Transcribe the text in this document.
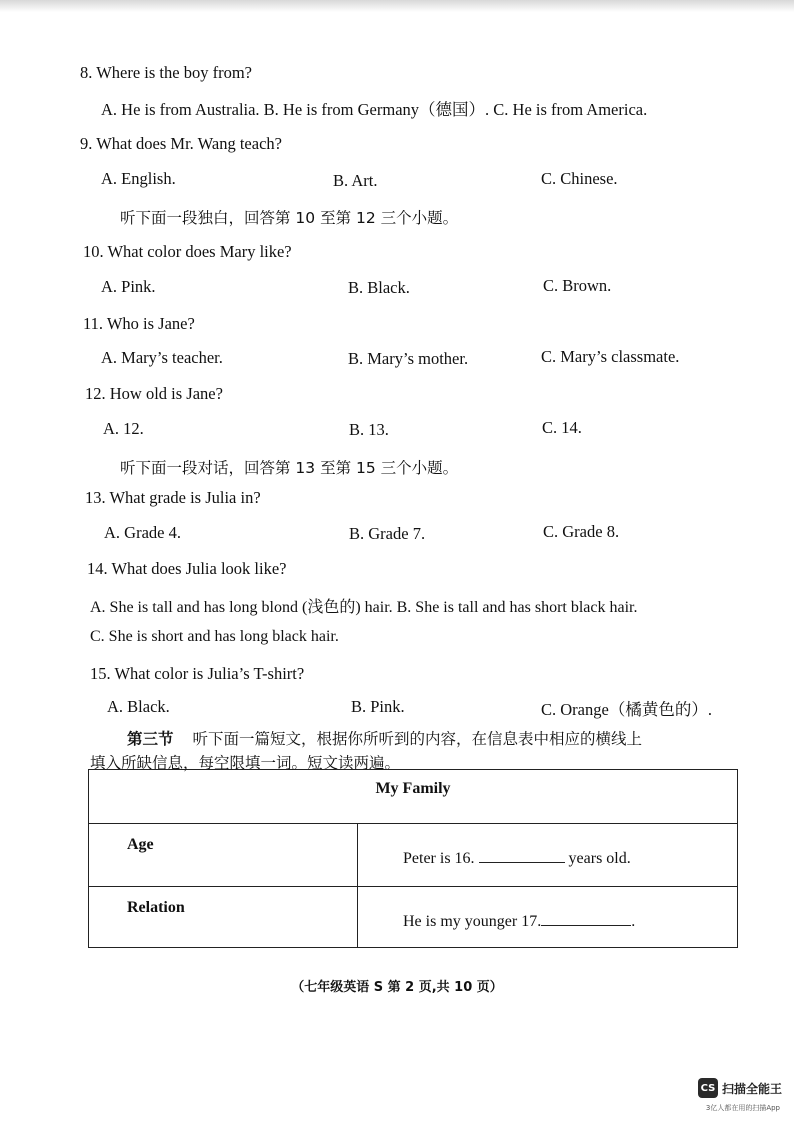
8. Where is the boy from?
A. He is from Australia. B. He is from Germany（德国）. C. He is from America.
9. What does Mr. Wang teach?
A. English.	B. Art.	C. Chinese.
听下面一段独白，回答第 10 至第 12 三个小题。
10. What color does Mary like?
A. Pink.	B. Black.	C. Brown.
11. Who is Jane?
A. Mary’s teacher.	B. Mary’s mother.	C. Mary’s classmate.
12. How old is Jane?
A. 12.	B. 13.	C. 14.
听下面一段对话，回答第 13 至第 15 三个小题。
13. What grade is Julia in?
A. Grade 4.	B. Grade 7.	C. Grade 8.
14. What does Julia look like?
A. She is tall and has long blond (浅色的) hair. B. She is tall and has short black hair.
C. She is short and has long black hair.
15. What color is Julia’s T-shirt?
A. Black.	B. Pink.	C. Orange（橘黄色的）.
第三节 听下面一篇短文，根据你所听到的内容，在信息表中相应的横线上
填入所缺信息，每空限填一词。短文读两遍。
My Family	
Age	Peter is 16. years old.
Relation	He is my younger 17. .
（七年级英语 S 第 2 页,共 10 页）
CS 扫描全能王
3亿人都在用的扫描App
